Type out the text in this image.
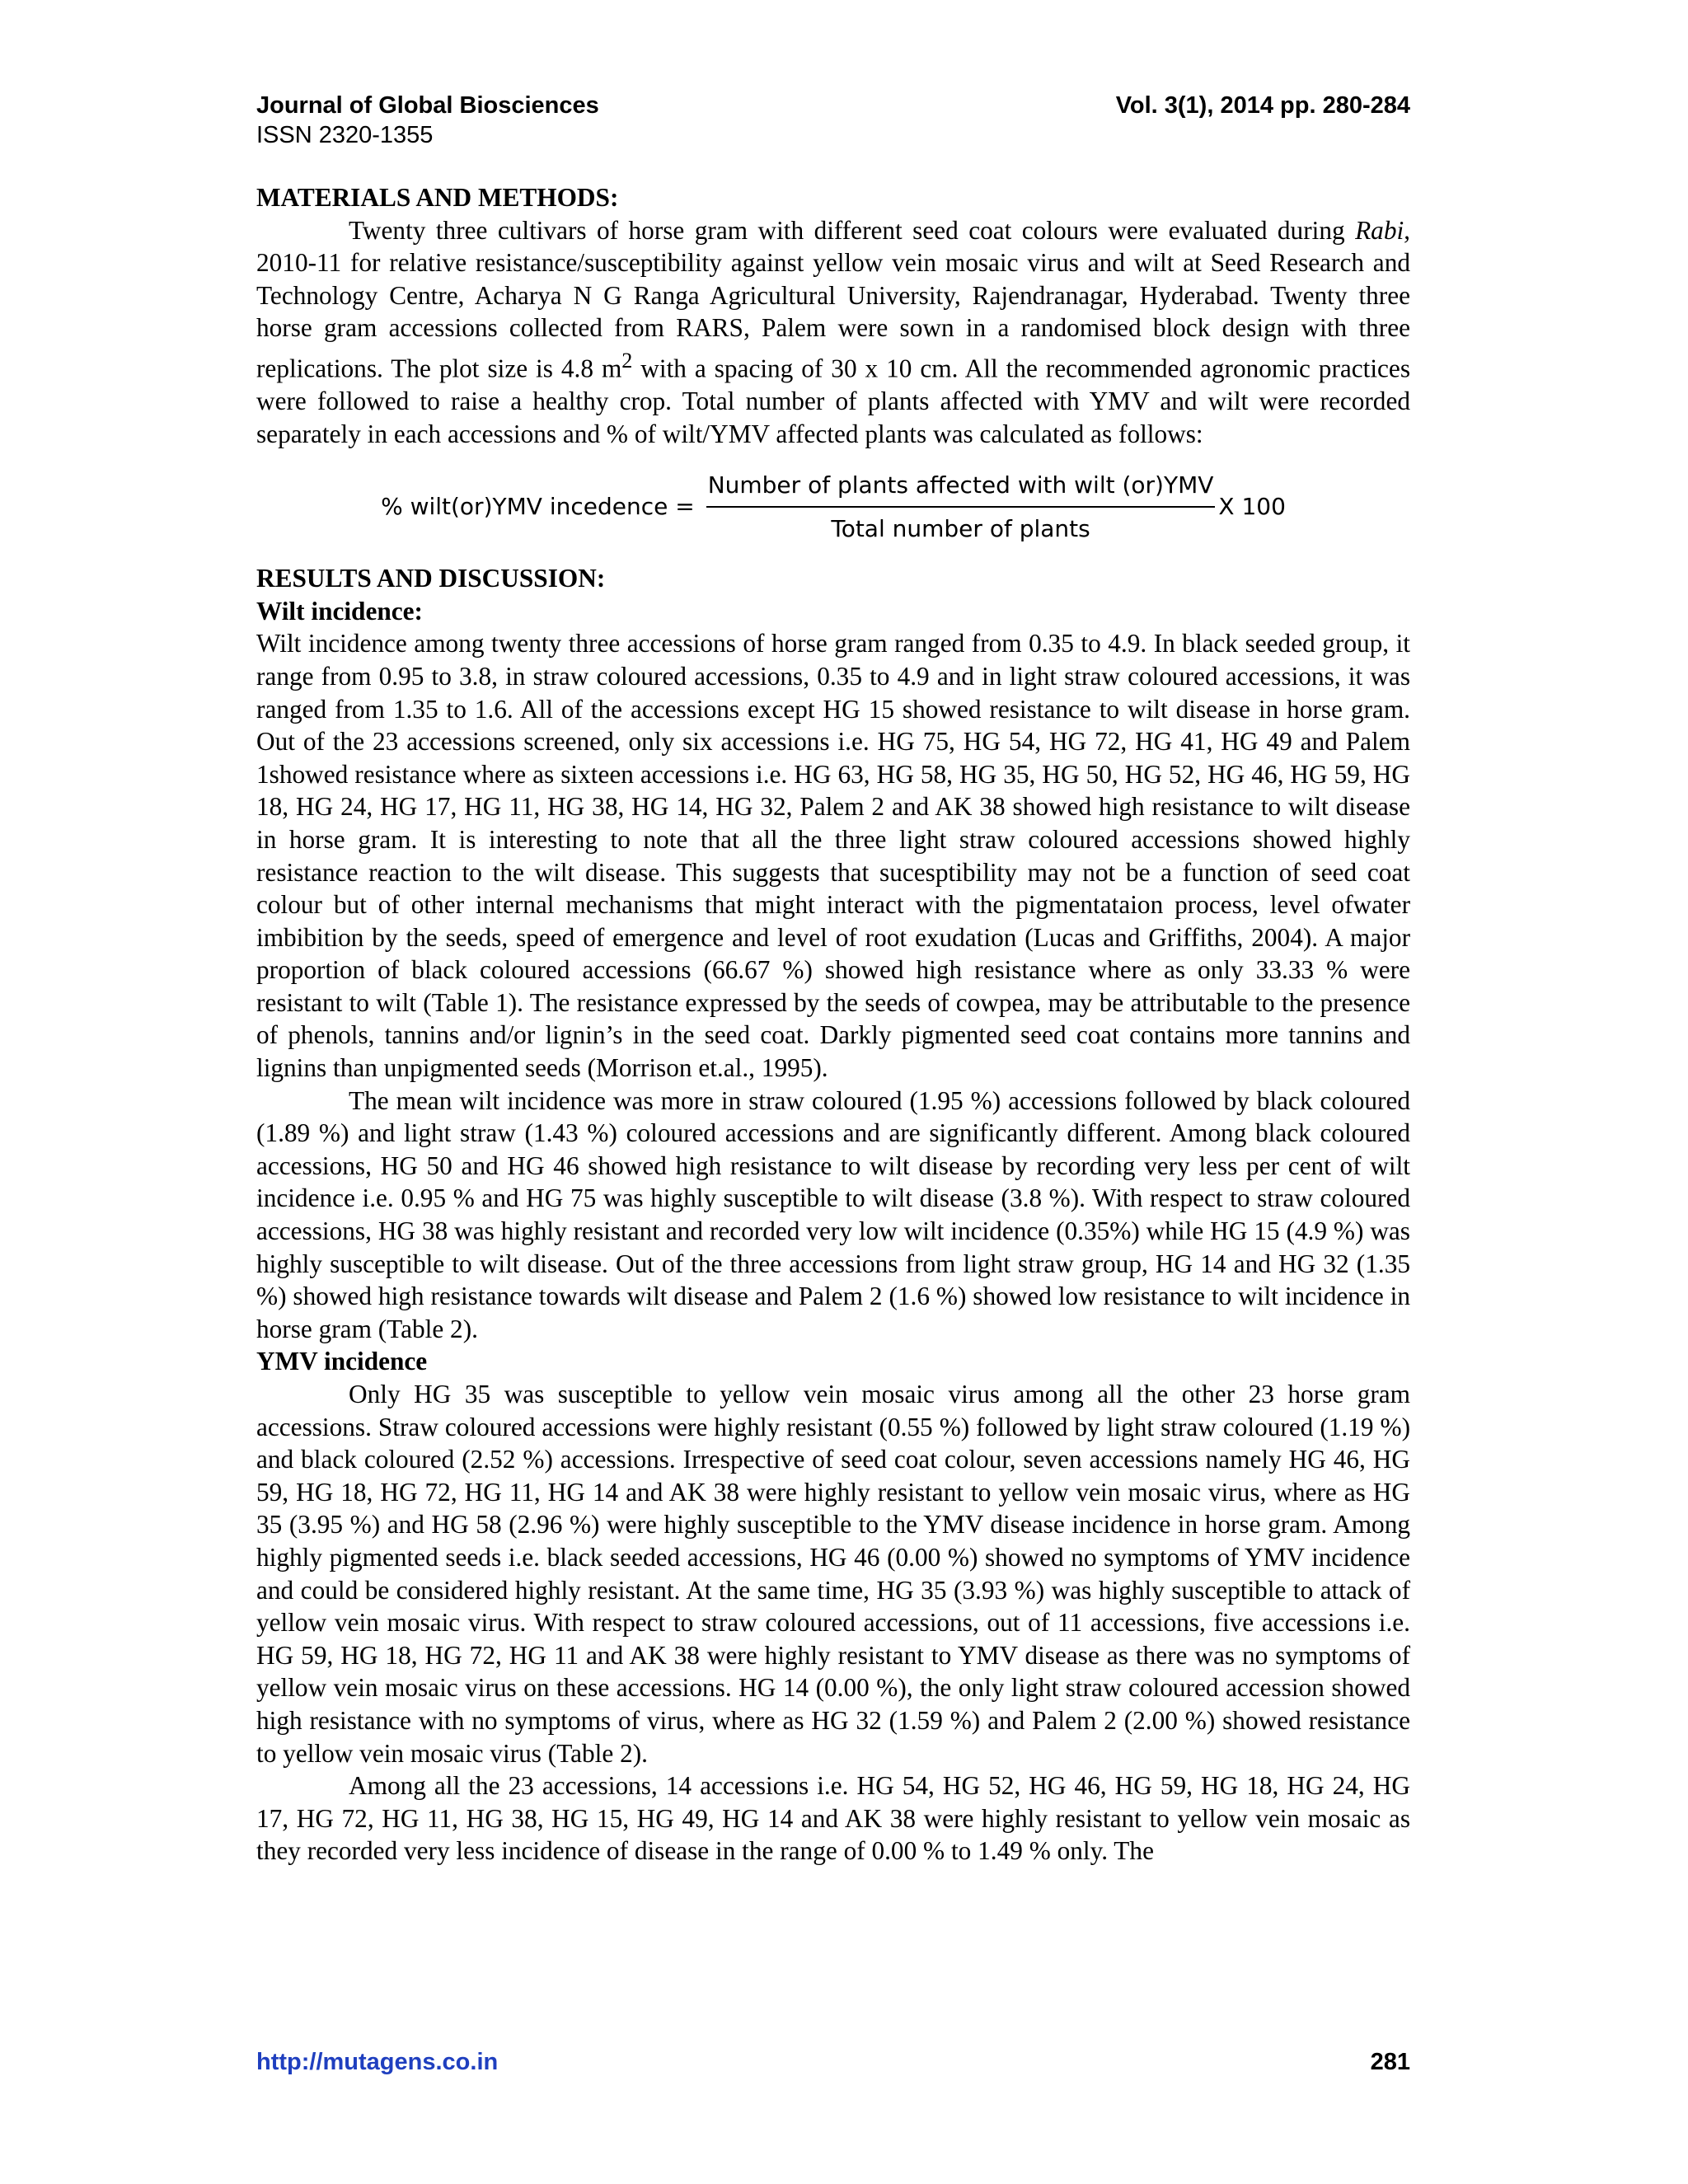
Journal of Global Biosciences	Vol. 3(1), 2014 pp. 280-284
ISSN 2320-1355

MATERIALS AND METHODS:

Twenty three cultivars of horse gram with different seed coat colours were evaluated during Rabi, 2010-11 for relative resistance/susceptibility against yellow vein mosaic virus and wilt at Seed Research and Technology Centre, Acharya N G Ranga Agricultural University, Rajendranagar, Hyderabad. Twenty three horse gram accessions collected from RARS, Palem were sown in a randomised block design with three replications. The plot size is 4.8 $m^2$ with a spacing of 30 x 10 cm. All the recommended agronomic practices were followed to raise a healthy crop. Total number of plants affected with YMV and wilt were recorded separately in each accessions and % of wilt/YMV affected plants was calculated as follows:

% wilt(or)YMV incedence = $\frac{\text{Number of plants affected with wilt (or)YMV}}{\text{Total number of plants}}$ X 100

RESULTS AND DISCUSSION:

Wilt incidence:

Wilt incidence among twenty three accessions of horse gram ranged from 0.35 to 4.9. In black seeded group, it range from 0.95 to 3.8, in straw coloured accessions, 0.35 to 4.9 and in light straw coloured accessions, it was ranged from 1.35 to 1.6. All of the accessions except HG 15 showed resistance to wilt disease in horse gram. Out of the 23 accessions screened, only six accessions i.e. HG 75, HG 54, HG 72, HG 41, HG 49 and Palem 1showed resistance where as sixteen accessions i.e. HG 63, HG 58, HG 35, HG 50, HG 52, HG 46, HG 59, HG 18, HG 24, HG 17, HG 11, HG 38, HG 14, HG 32, Palem 2 and AK 38 showed high resistance to wilt disease in horse gram. It is interesting to note that all the three light straw coloured accessions showed highly resistance reaction to the wilt disease. This suggests that sucesptibility may not be a function of seed coat colour but of other internal mechanisms that might interact with the pigmentataion process, level ofwater imbibition by the seeds, speed of emergence and level of root exudation (Lucas and Griffiths, 2004). A major proportion of black coloured accessions (66.67 %) showed high resistance where as only 33.33 % were resistant to wilt (Table 1). The resistance expressed by the seeds of cowpea, may be attributable to the presence of phenols, tannins and/or lignin’s in the seed coat. Darkly pigmented seed coat contains more tannins and lignins than unpigmented seeds (Morrison et.al., 1995).

The mean wilt incidence was more in straw coloured (1.95 %) accessions followed by black coloured (1.89 %) and light straw (1.43 %) coloured accessions and are significantly different. Among black coloured accessions, HG 50 and HG 46 showed high resistance to wilt disease by recording very less per cent of wilt incidence i.e. 0.95 % and HG 75 was highly susceptible to wilt disease (3.8 %). With respect to straw coloured accessions, HG 38 was highly resistant and recorded very low wilt incidence (0.35%) while HG 15 (4.9 %) was highly susceptible to wilt disease. Out of the three accessions from light straw group, HG 14 and HG 32 (1.35 %) showed high resistance towards wilt disease and Palem 2 (1.6 %) showed low resistance to wilt incidence in horse gram (Table 2).

YMV incidence

Only HG 35 was susceptible to yellow vein mosaic virus among all the other 23 horse gram accessions. Straw coloured accessions were highly resistant (0.55 %) followed by light straw coloured (1.19 %) and black coloured (2.52 %) accessions. Irrespective of seed coat colour, seven accessions namely HG 46, HG 59, HG 18, HG 72, HG 11, HG 14 and AK 38 were highly resistant to yellow vein mosaic virus, where as HG 35 (3.95 %) and HG 58 (2.96 %) were highly susceptible to the YMV disease incidence in horse gram. Among highly pigmented seeds i.e. black seeded accessions, HG 46 (0.00 %) showed no symptoms of YMV incidence and could be considered highly resistant. At the same time, HG 35 (3.93 %) was highly susceptible to attack of yellow vein mosaic virus. With respect to straw coloured accessions, out of 11 accessions, five accessions i.e. HG 59, HG 18, HG 72, HG 11 and AK 38 were highly resistant to YMV disease as there was no symptoms of yellow vein mosaic virus on these accessions. HG 14 (0.00 %), the only light straw coloured accession showed high resistance with no symptoms of virus, where as HG 32 (1.59 %) and Palem 2 (2.00 %) showed resistance to yellow vein mosaic virus (Table 2).

Among all the 23 accessions, 14 accessions i.e. HG 54, HG 52, HG 46, HG 59, HG 18, HG 24, HG 17, HG 72, HG 11, HG 38, HG 15, HG 49, HG 14 and AK 38 were highly resistant to yellow vein mosaic as they recorded very less incidence of disease in the range of 0.00 % to 1.49 % only. The

http://mutagens.co.in	281
